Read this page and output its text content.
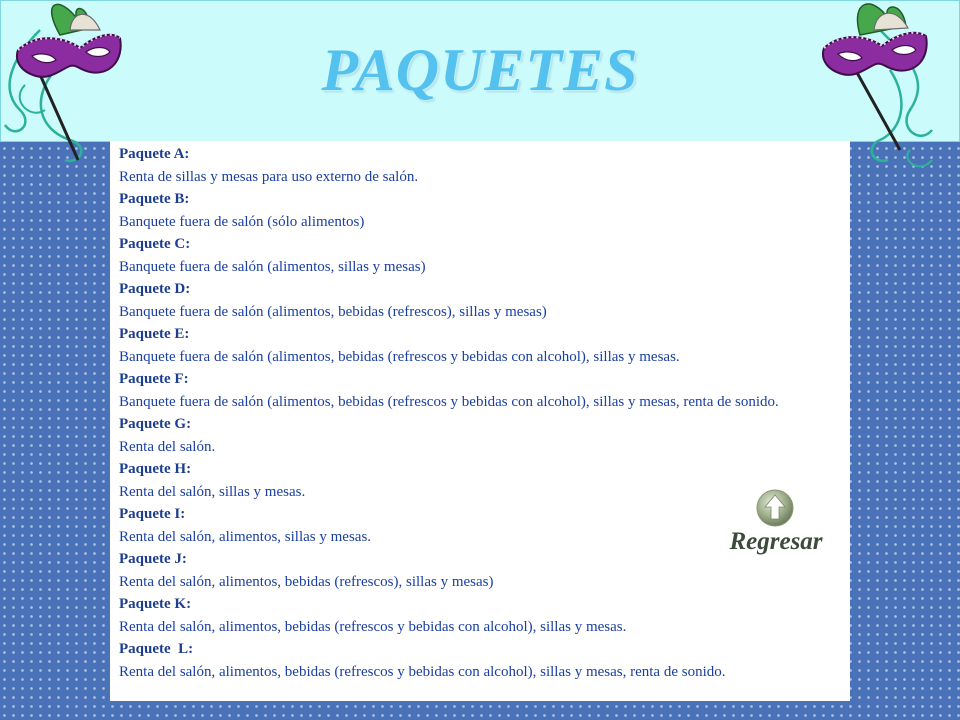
PAQUETES
Paquete A:
Renta de sillas y mesas para uso externo de salón.
Paquete B:
Banquete fuera de salón (sólo alimentos)
Paquete C:
Banquete fuera de salón (alimentos, sillas y mesas)
Paquete D:
Banquete fuera de salón (alimentos, bebidas (refrescos), sillas y mesas)
Paquete E:
Banquete fuera de salón (alimentos, bebidas (refrescos y bebidas con alcohol), sillas y mesas.
Paquete F:
Banquete fuera de salón (alimentos, bebidas (refrescos y bebidas con alcohol), sillas y mesas, renta de sonido.
Paquete G:
Renta del salón.
Paquete H:
Renta del salón, sillas y mesas.
Paquete I:
Renta del salón, alimentos, sillas y mesas.
Paquete J:
Renta del salón, alimentos, bebidas (refrescos), sillas y mesas)
Paquete K:
Renta del salón, alimentos, bebidas (refrescos y bebidas con alcohol), sillas y mesas.
Paquete  L:
Renta del salón, alimentos, bebidas (refrescos y bebidas con alcohol), sillas y mesas, renta de sonido.
Regresar
